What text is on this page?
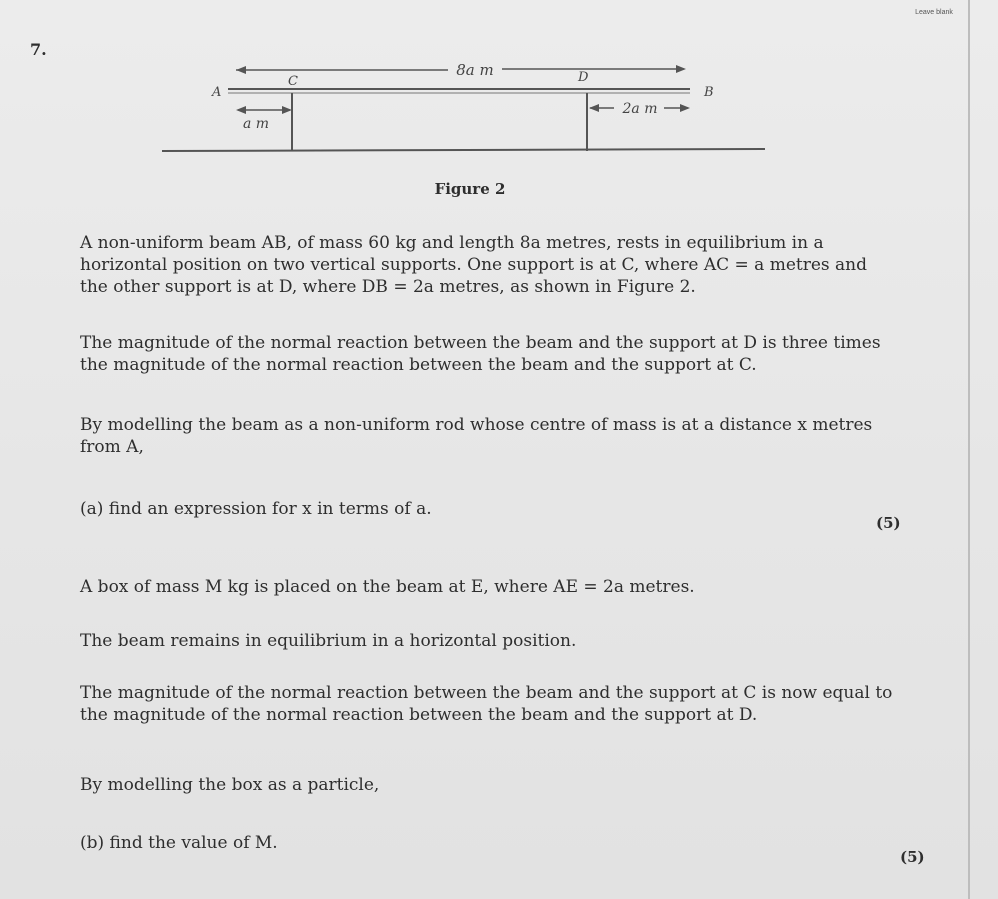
Leave blank
7.
8a m
a m
2a m
A
C	D
B
Figure 2
A non-uniform beam AB, of mass 60 kg and length 8a metres, rests in equilibrium in a horizontal position on two vertical supports. One support is at C, where AC = a metres and the other support is at D, where DB = 2a metres, as shown in Figure 2.
The magnitude of the normal reaction between the beam and the support at D is three times the magnitude of the normal reaction between the beam and the support at C.
By modelling the beam as a non-uniform rod whose centre of mass is at a distance x metres from A,
(a) find an expression for x in terms of a.
(5)
A box of mass M kg is placed on the beam at E, where AE = 2a metres.
The beam remains in equilibrium in a horizontal position.
The magnitude of the normal reaction between the beam and the support at C is now equal to the magnitude of the normal reaction between the beam and the support at D.
By modelling the box as a particle,
(b) find the value of M.
(5)
